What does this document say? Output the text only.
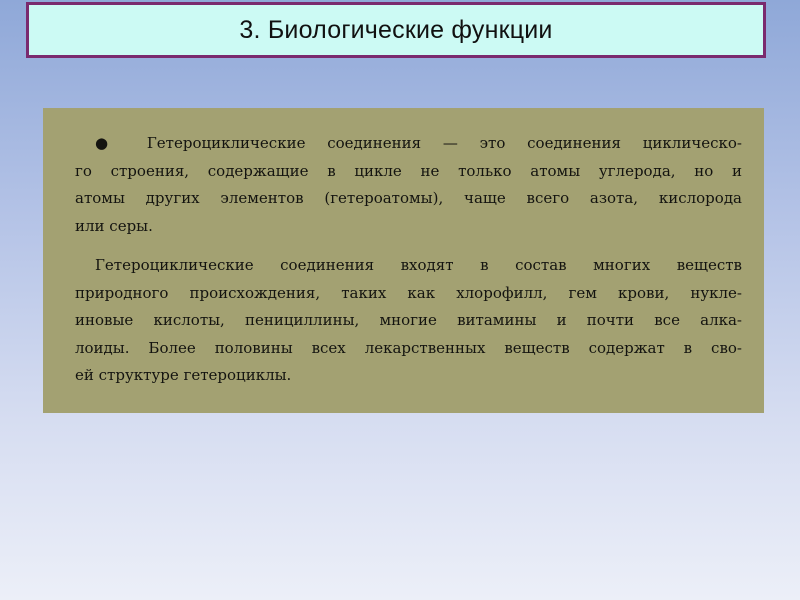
3. Биологические функции

● Гетероциклические соединения — это соединения циклическо-
го строения, содержащие в цикле не только атомы углерода, но и
атомы других элементов (гетероатомы), чаще всего азота, кислорода
или серы.

Гетероциклические соединения входят в состав многих веществ
природного происхождения, таких как хлорофилл, гем крови, нукле-
иновые кислоты, пенициллины, многие витамины и почти все алка-
лоиды. Более половины всех лекарственных веществ содержат в сво-
ей структуре гетероциклы.
